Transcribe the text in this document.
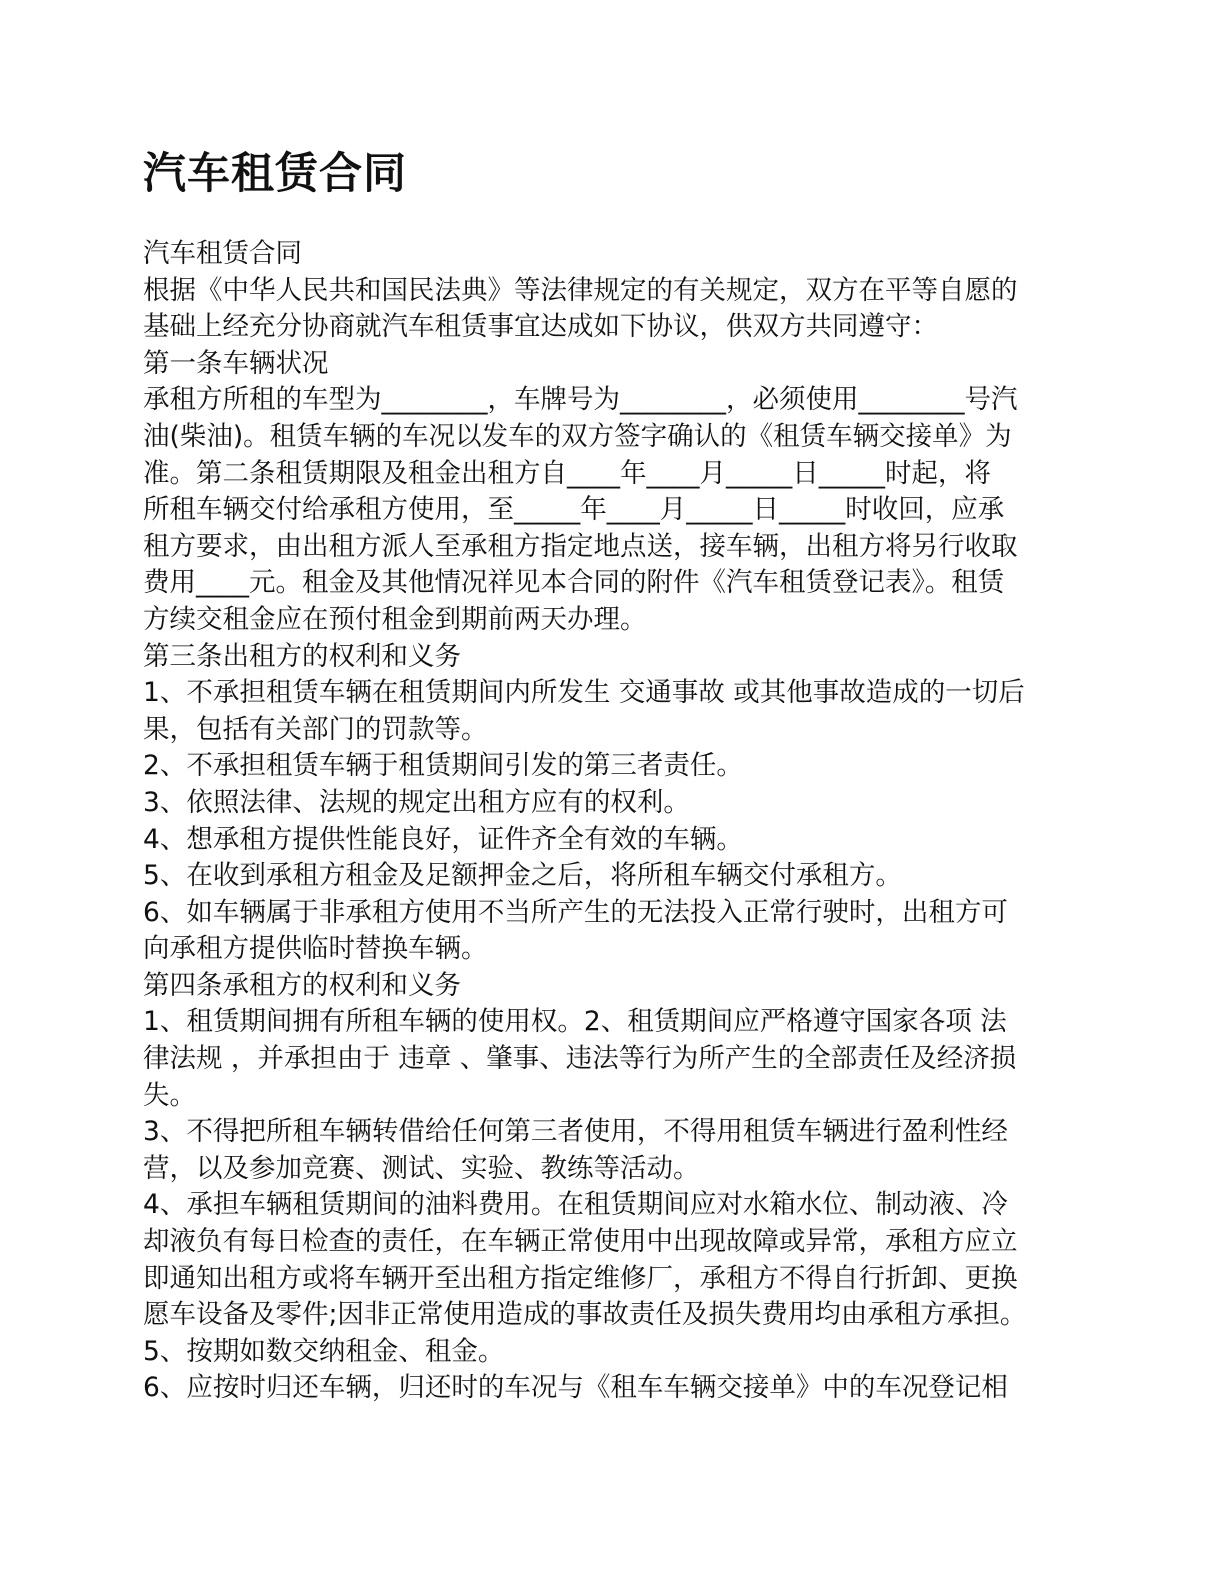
汽车租赁合同
汽车租赁合同
根据《中华人民共和国民法典》等法律规定的有关规定，双方在平等自愿的
基础上经充分协商就汽车租赁事宜达成如下协议，供双方共同遵守：
第一条车辆状况
承租方所租的车型为________，车牌号为________，必须使用________号汽
油(柴油)。租赁车辆的车况以发车的双方签字确认的《租赁车辆交接单》为
准。第二条租赁期限及租金出租方自____年____月_____日_____时起，将
所租车辆交付给承租方使用，至_____年____月_____日_____时收回，应承
租方要求，由出租方派人至承租方指定地点送，接车辆，出租方将另行收取
费用____元。租金及其他情况祥见本合同的附件《汽车租赁登记表》。租赁
方续交租金应在预付租金到期前两天办理。
第三条出租方的权利和义务
1、不承担租赁车辆在租赁期间内所发生 交通事故 或其他事故造成的一切后
果，包括有关部门的罚款等。
2、不承担租赁车辆于租赁期间引发的第三者责任。
3、依照法律、法规的规定出租方应有的权利。
4、想承租方提供性能良好，证件齐全有效的车辆。
5、在收到承租方租金及足额押金之后，将所租车辆交付承租方。
6、如车辆属于非承租方使用不当所产生的无法投入正常行驶时，出租方可
向承租方提供临时替换车辆。
第四条承租方的权利和义务
1、租赁期间拥有所租车辆的使用权。2、租赁期间应严格遵守国家各项 法
律法规 ，并承担由于 违章 、肇事、违法等行为所产生的全部责任及经济损
失。
3、不得把所租车辆转借给任何第三者使用，不得用租赁车辆进行盈利性经
营，以及参加竞赛、测试、实验、教练等活动。
4、承担车辆租赁期间的油料费用。在租赁期间应对水箱水位、制动液、冷
却液负有每日检查的责任，在车辆正常使用中出现故障或异常，承租方应立
即通知出租方或将车辆开至出租方指定维修厂，承租方不得自行折卸、更换
愿车设备及零件;因非正常使用造成的事故责任及损失费用均由承租方承担。
5、按期如数交纳租金、租金。
6、应按时归还车辆，归还时的车况与《租车车辆交接单》中的车况登记相
